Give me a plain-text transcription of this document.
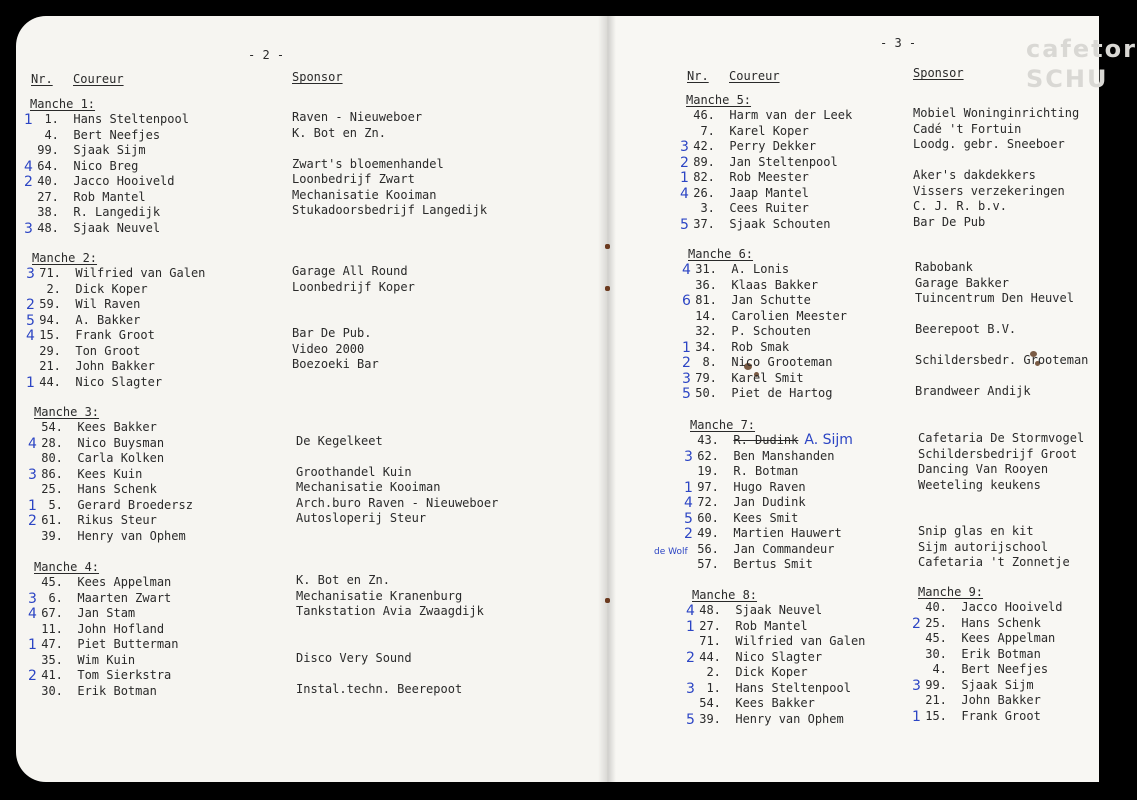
cafetor
SCHU
- 2 -
Nr. Coureur	Sponsor
- 3 -
Nr. Coureur	Sponsor
Manche 1:
1.  Hans Steltenpool
1
4.  Bert Neefjes
99.  Sjaak Sijm
64.  Nico Breg
4
40.  Jacco Hooiveld
2
27.  Rob Mantel
38.  R. Langedijk
48.  Sjaak Neuvel
3
Raven - Nieuweboer
K. Bot en Zn.
Zwart's bloemenhandel
Loonbedrijf Zwart
Mechanisatie Kooiman
Stukadoorsbedrijf Langedijk
Manche 2:
71.  Wilfried van Galen
3
2.  Dick Koper
59.  Wil Raven
2
94.  A. Bakker
5
15.  Frank Groot
4
29.  Ton Groot
21.  John Bakker
44.  Nico Slagter
1
Garage All Round
Loonbedrijf Koper
Bar De Pub.
Video 2000
Boezoeki Bar
Manche 3:
54.  Kees Bakker
28.  Nico Buysman
4
80.  Carla Kolken
86.  Kees Kuin
3
25.  Hans Schenk
5.  Gerard Broedersz
1
61.  Rikus Steur
2
39.  Henry van Ophem
De Kegelkeet
Groothandel Kuin
Mechanisatie Kooiman
Arch.buro Raven - Nieuweboer
Autosloperij Steur
Manche 4:
45.  Kees Appelman
6.  Maarten Zwart
3
67.  Jan Stam
4
11.  John Hofland
47.  Piet Butterman
1
35.  Wim Kuin
41.  Tom Sierkstra
2
30.  Erik Botman
K. Bot en Zn.
Mechanisatie Kranenburg
Tankstation Avia Zwaagdijk
Disco Very Sound
Instal.techn. Beerepoot
Manche 5:
46.  Harm van der Leek
7.  Karel Koper
42.  Perry Dekker
3
89.  Jan Steltenpool
2
82.  Rob Meester
1
26.  Jaap Mantel
4
3.  Cees Ruiter
37.  Sjaak Schouten
5
Mobiel Woninginrichting
Cadé 't Fortuin
Loodg. gebr. Sneeboer
Aker's dakdekkers
Vissers verzekeringen
C. J. R. b.v.
Bar De Pub
Manche 6:
31.  A. Lonis
4
36.  Klaas Bakker
81.  Jan Schutte
6
14.  Carolien Meester
32.  P. Schouten
34.  Rob Smak
1
8.  Nico Grooteman
2
79.  Karel Smit
3
50.  Piet de Hartog
5
Rabobank
Garage Bakker
Tuincentrum Den Heuvel
Beerepoot B.V.
Schildersbedr. Grooteman
Brandweer Andijk
Manche 7:
43.  R. Dudink A. Sijm
62.  Ben Manshanden
3
19.  R. Botman
97.  Hugo Raven
1
72.  Jan Dudink
4
60.  Kees Smit
5
49.  Martien Hauwert
2
56.  Jan Commandeur
de Wolf
57.  Bertus Smit
Cafetaria De Stormvogel
Schildersbedrijf Groot
Dancing Van Rooyen
Weeteling keukens
Snip glas en kit
Sijm autorijschool
Cafetaria 't Zonnetje
Manche 8:
48.  Sjaak Neuvel
4
27.  Rob Mantel
1
71.  Wilfried van Galen
44.  Nico Slagter
2
2.  Dick Koper
1.  Hans Steltenpool
3
54.  Kees Bakker
39.  Henry van Ophem
5
Manche 9:
40.  Jacco Hooiveld
25.  Hans Schenk
2
45.  Kees Appelman
30.  Erik Botman
4.  Bert Neefjes
99.  Sjaak Sijm
3
21.  John Bakker
15.  Frank Groot
1
